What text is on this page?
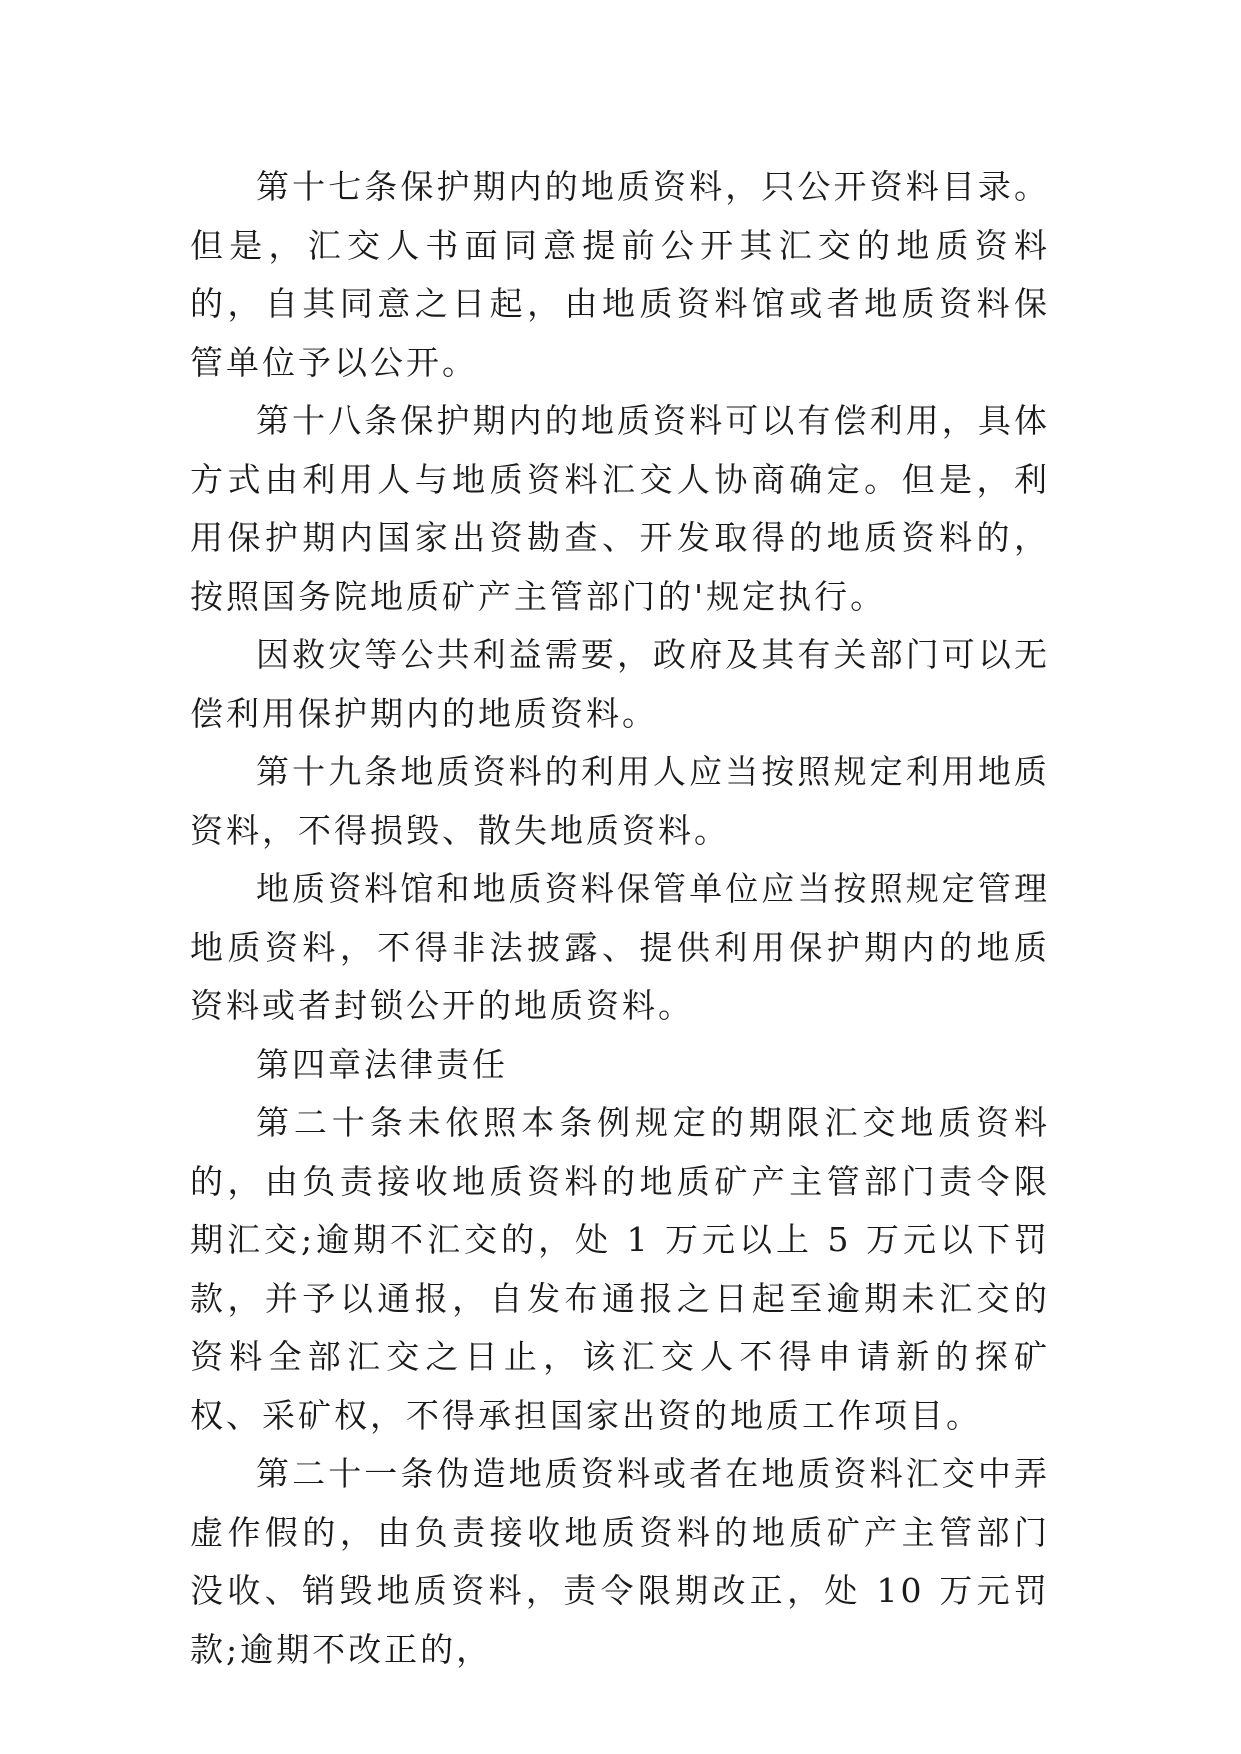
第十七条保护期内的地质资料，只公开资料目录。但是，汇交人书面同意提前公开其汇交的地质资料的，自其同意之日起，由地质资料馆或者地质资料保管单位予以公开。

第十八条保护期内的地质资料可以有偿利用，具体方式由利用人与地质资料汇交人协商确定。但是，利用保护期内国家出资勘查、开发取得的地质资料的，按照国务院地质矿产主管部门的'规定执行。

因救灾等公共利益需要，政府及其有关部门可以无偿利用保护期内的地质资料。

第十九条地质资料的利用人应当按照规定利用地质资料，不得损毁、散失地质资料。

地质资料馆和地质资料保管单位应当按照规定管理地质资料，不得非法披露、提供利用保护期内的地质资料或者封锁公开的地质资料。

第四章法律责任

第二十条未依照本条例规定的期限汇交地质资料的，由负责接收地质资料的地质矿产主管部门责令限期汇交;逾期不汇交的，处 1 万元以上 5 万元以下罚款，并予以通报，自发布通报之日起至逾期未汇交的资料全部汇交之日止，该汇交人不得申请新的探矿权、采矿权，不得承担国家出资的地质工作项目。

第二十一条伪造地质资料或者在地质资料汇交中弄虚作假的，由负责接收地质资料的地质矿产主管部门没收、销毁地质资料，责令限期改正，处 10 万元罚款;逾期不改正的，
